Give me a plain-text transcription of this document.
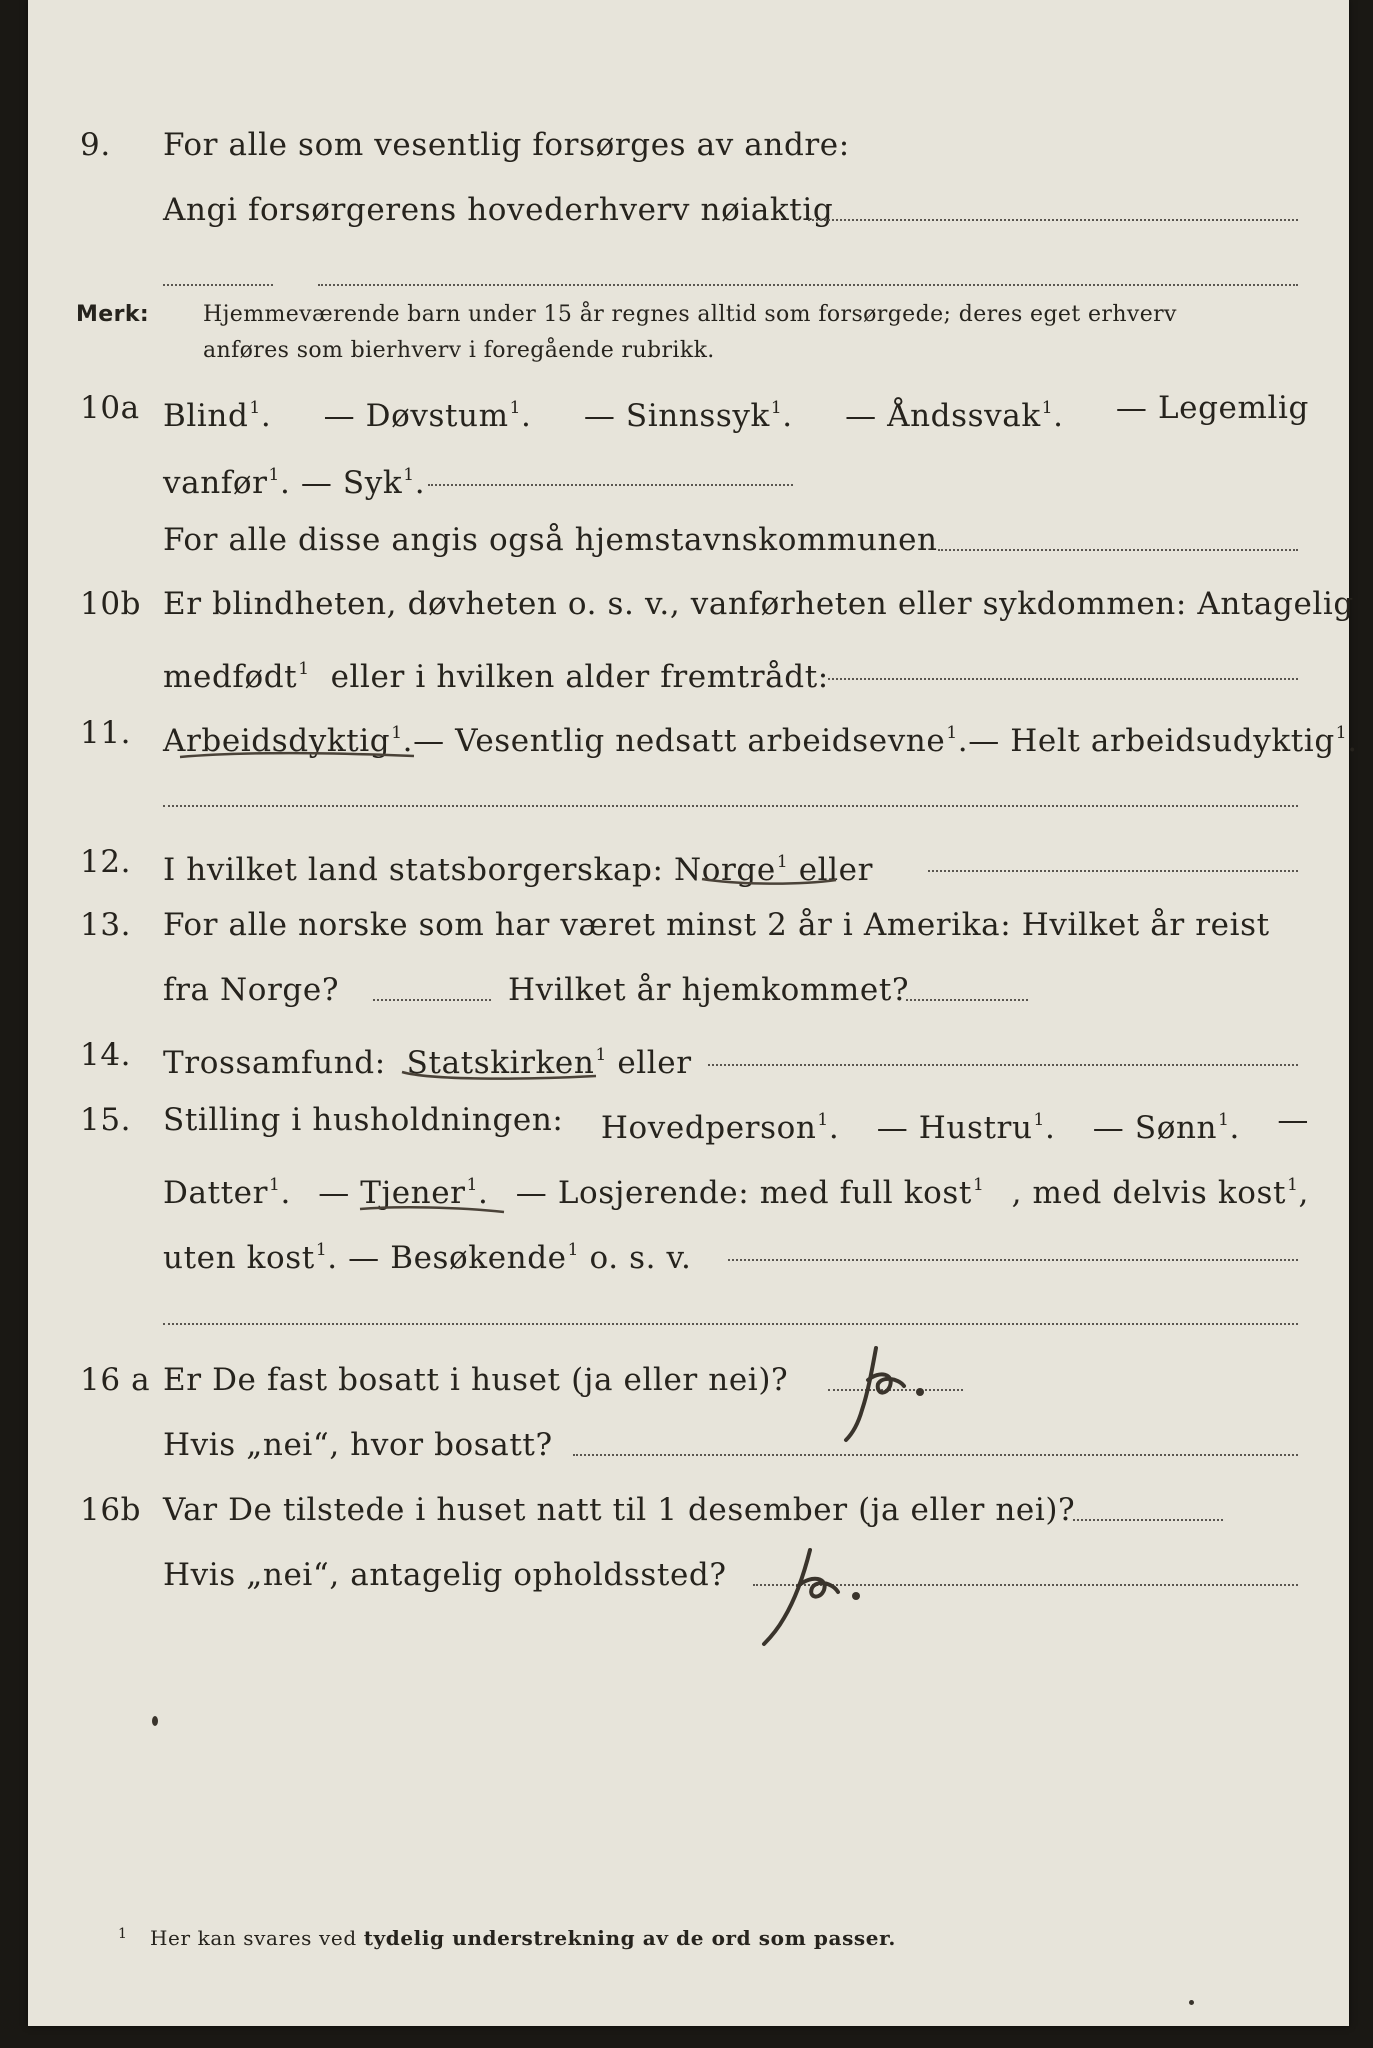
9. For alle som vesentlig forsørges av andre:
Angi forsørgerens hovederhverv nøiaktig
Merk: Hjemmeværende barn under 15 år regnes alltid som forsørgede; deres eget erhverv
anføres som bierhverv i foregående rubrikk.
10a Blind$^1$. — Døvstum$^1$. — Sinnssyk$^1$. — Åndssvak$^1$. — Legemlig
vanfør$^1$. — Syk$^1$.
For alle disse angis også hjemstavnskommunen
10b Er blindheten, døvheten o. s. v., vanførheten eller sykdommen: Antagelig
medfødt$^1$ eller i hvilken alder fremtrådt:
11. Arbeidsdyktig$^1$. — Vesentlig nedsatt arbeidsevne$^1$. — Helt arbeidsudyktig$^1$.
12. I hvilket land statsborgerskap: Norge$^1$ eller
13. For alle norske som har været minst 2 år i Amerika: Hvilket år reist
fra Norge?	Hvilket år hjemkommet?
14. Trossamfund: Statskirken$^1$ eller
15. Stilling i husholdningen: Hovedperson$^1$. — Hustru$^1$. — Sønn$^1$. —
Datter$^1$. — Tjener$^1$. — Losjerende: med full kost$^1$ , med delvis kost$^1$,
uten kost$^1$. — Besøkende$^1$ o. s. v.
16 a Er De fast bosatt i huset (ja eller nei)?
Hvis „nei“, hvor bosatt?
16b Var De tilstede i huset natt til 1 desember (ja eller nei)?
Hvis „nei“, antagelig opholdssted?
1 Her kan svares ved tydelig understrekning av de ord som passer.
